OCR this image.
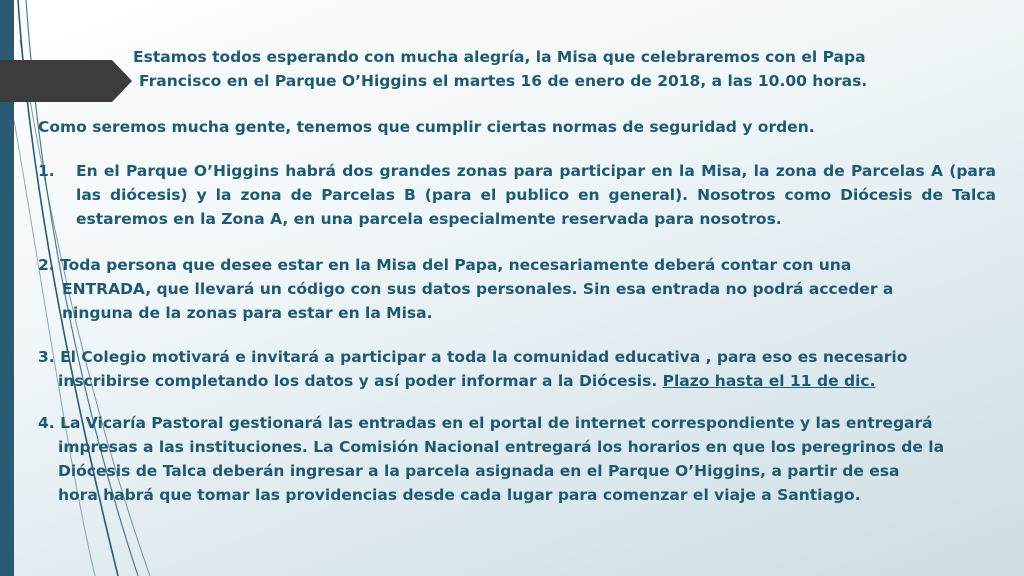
Estamos todos esperando con mucha alegría, la Misa que celebraremos con el Papa
Francisco en el Parque O’Higgins el martes 16 de enero de 2018, a las 10.00 horas.
Como seremos mucha gente, tenemos que cumplir ciertas normas de seguridad y orden.
1. En el Parque O’Higgins habrá dos grandes zonas para participar en la Misa, la zona de Parcelas A (para las diócesis) y la zona de Parcelas B (para el publico en general). Nosotros como Diócesis de Talca estaremos en la Zona A, en una parcela especialmente reservada para nosotros.
2. Toda persona que desee estar en la Misa del Papa, necesariamente deberá contar con una
ENTRADA, que llevará un código con sus datos personales. Sin esa entrada no podrá acceder a
ninguna de la zonas para estar en la Misa.
3. El Colegio motivará e invitará a participar a toda la comunidad educativa , para eso es necesario
inscribirse completando los datos y así poder informar a la Diócesis. Plazo hasta el 11 de dic.
4. La Vicaría Pastoral gestionará las entradas en el portal de internet correspondiente y las entregará
impresas a las instituciones. La Comisión Nacional entregará los horarios en que los peregrinos de la
Diócesis de Talca deberán ingresar a la parcela asignada en el Parque O’Higgins, a partir de esa
hora habrá que tomar las providencias desde cada lugar para comenzar el viaje a Santiago.
